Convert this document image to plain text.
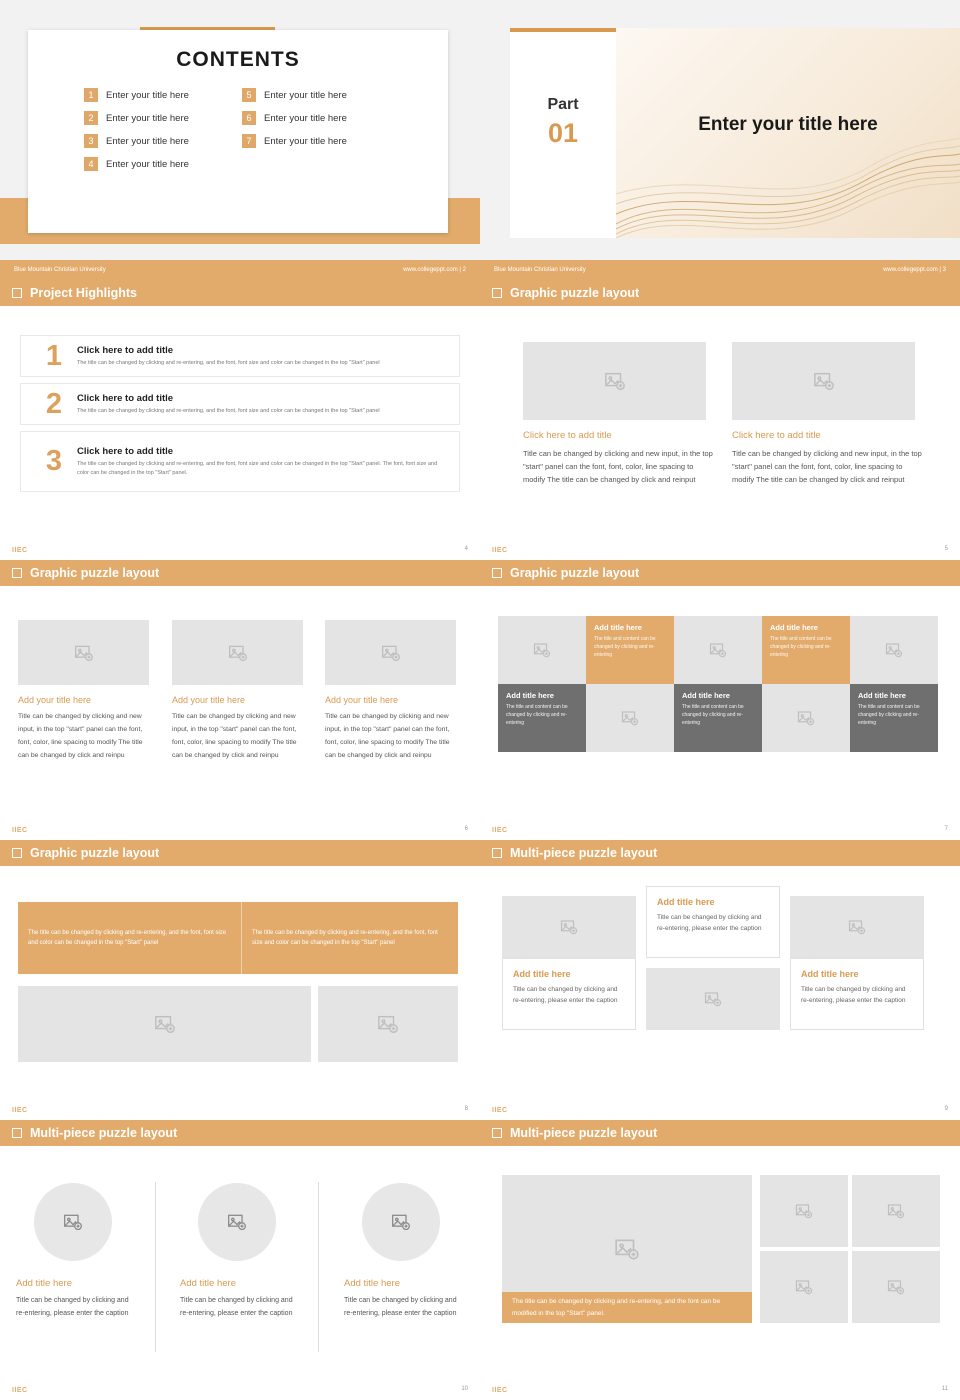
CONTENTS
1	Enter your title here	5	Enter your title here
2	Enter your title here	6	Enter your title here
3	Enter your title here	7	Enter your title here
4	Enter your title here
Blue Mountain Christian University	www.collegeppt.com | 2
Enter your title here
Part
01
Blue Mountain Christian University	www.collegeppt.com | 3
Project Highlights
1	Click here to add title

The title can be changed by clicking and re-entering, and the font, font size and color can be changed in the top "Start" panel

2	Click here to add title

The title can be changed by clicking and re-entering, and the font, font size and color can be changed in the top "Start" panel

3	Click here to add title

The title can be changed by clicking and re-entering, and the font, font size and color can be changed in the top "Start" panel. The font, font size and color can be changed in the top "Start" panel.

IIEC	4
Graphic puzzle layout
Click here to add title
Title can be changed by clicking and new input, in the top "start" panel can the font, font, color, line spacing to modify The title can be changed by click and reinput
Click here to add title
Title can be changed by clicking and new input, in the top "start" panel can the font, font, color, line spacing to modify The title can be changed by click and reinput
IIEC	5
Graphic puzzle layout
Add your title here
Title can be changed by clicking and new input, in the top "start" panel can the font, font, color, line spacing to modify The title can be changed by click and reinpu
Add your title here
Title can be changed by clicking and new input, in the top "start" panel can the font, font, color, line spacing to modify The title can be changed by click and reinpu
Add your title here
Title can be changed by clicking and new input, in the top "start" panel can the font, font, color, line spacing to modify The title can be changed by click and reinpu
IIEC	6
Graphic puzzle layout
Add title here

The title and content can be changed by clicking and re-entering

Add title here

The title and content can be changed by clicking and re-entering

Add title here

The title and content can be changed by clicking and re-entering

Add title here

The title and content can be changed by clicking and re-entering

Add title here

The title and content can be changed by clicking and re-entering

IIEC	7
Graphic puzzle layout
The title can be changed by clicking and re-entering, and the font, font size and color can be changed in the top "Start" panel
The title can be changed by clicking and re-entering, and the font, font size and color can be changed in the top "Start" panel
IIEC	8
Multi-piece puzzle layout
Add title here

Title can be changed by clicking and re-entering, please enter the caption

Add title here

Title can be changed by clicking and re-entering, please enter the caption

Add title here

Title can be changed by clicking and re-entering, please enter the caption

IIEC	9
Multi-piece puzzle layout
Add title here
Title can be changed by clicking and re-entering, please enter the caption
Add title here
Title can be changed by clicking and re-entering, please enter the caption
Add title here
Title can be changed by clicking and re-entering, please enter the caption
IIEC	10
Multi-piece puzzle layout
The title can be changed by clicking and re-entering, and the font can be modified in the top "Start" panel.
IIEC	11
